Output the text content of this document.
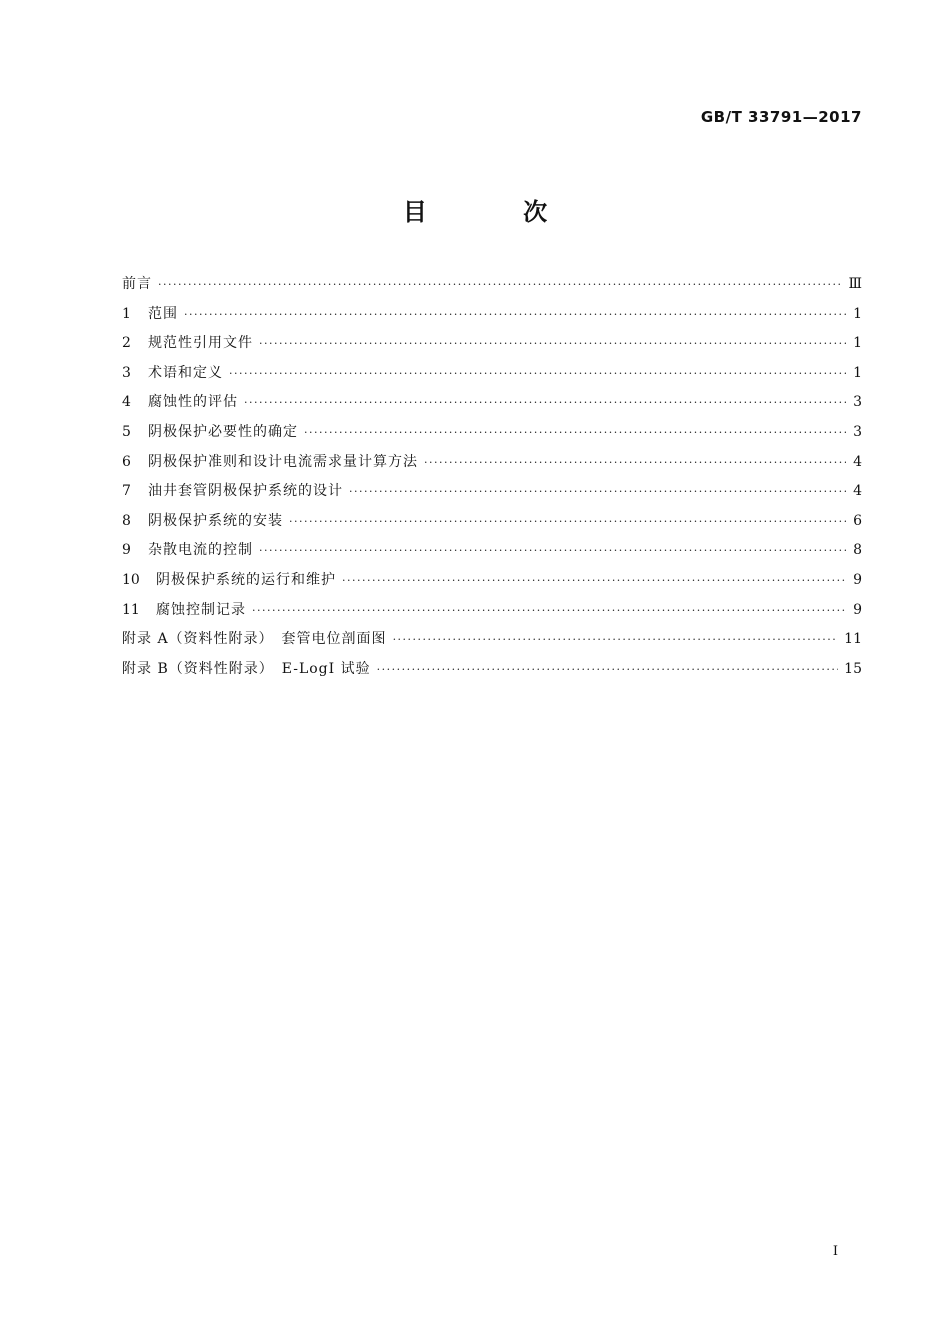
GB/T 33791—2017
目 次
前言 ·····	Ⅲ
1	范围 ·····	1
2	规范性引用文件 ·····	1
3	术语和定义 ·····	1
4	腐蚀性的评估 ·····	3
5	阴极保护必要性的确定 ·····	3
6	阴极保护准则和设计电流需求量计算方法 ·····	4
7	油井套管阴极保护系统的设计 ·····	4
8	阴极保护系统的安装 ·····	6
9	杂散电流的控制 ·····	8
10	阴极保护系统的运行和维护 ·····	9
11	腐蚀控制记录 ·····	9
附录 A（资料性附录）　套管电位剖面图 ·····	11
附录 B（资料性附录）　E-LogI 试验 ·····	15
I
